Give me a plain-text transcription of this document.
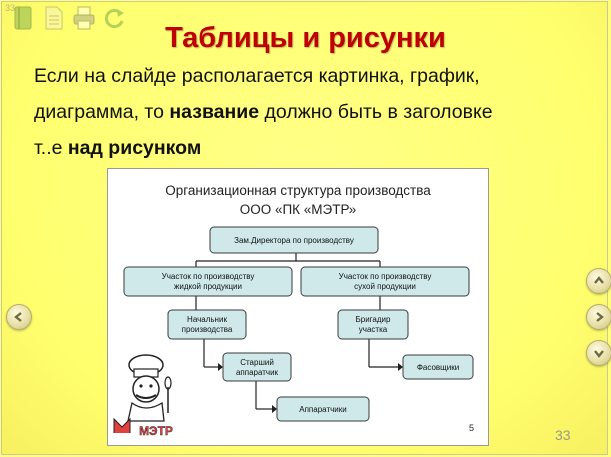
33
Таблицы и рисунки
Если на слайде располагается картинка, график,
диаграмма, то название должно быть в заголовке
т..е над рисунком
Организационная структура производства
ООО «ПК «МЭТР»
Зам.Директора по производству
Участок по производству
жидкой продукции
Участок по производству
сухой продукции
Начальник
производства
Бригадир
участка
Старший
аппаратчик
Фасовщики
Аппаратчики
МЭТР	5	33
